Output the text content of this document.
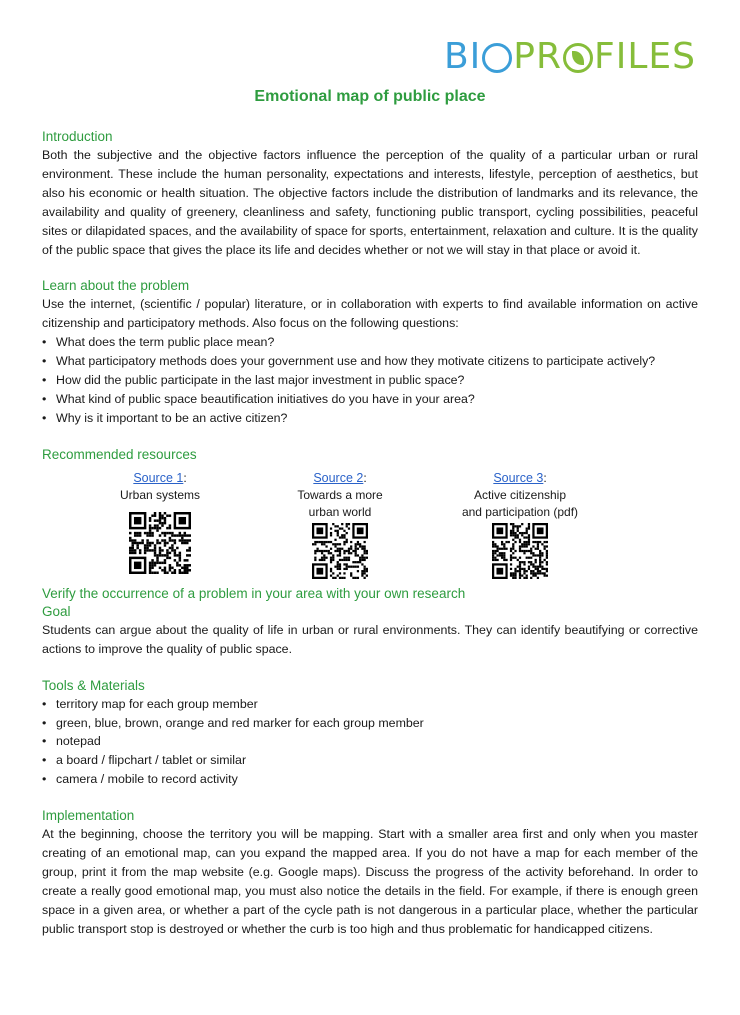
BI PR FILES
Emotional map of public place
Introduction

Both the subjective and the objective factors influence the perception of the quality of a particular urban or rural environment. These include the human personality, expectations and interests, lifestyle, perception of aesthetics, but also his economic or health situation. The objective factors include the distribution of landmarks and its relevance, the availability and quality of greenery, cleanliness and safety, functioning public transport, cycling possibilities, peaceful sites or dilapidated spaces, and the availability of space for sports, entertainment, relaxation and culture. It is the quality of the public space that gives the place its life and decides whether or not we will stay in that place or avoid it.

Learn about the problem

Use the internet, (scientific / popular) literature, or in collaboration with experts to find available information on active citizenship and participatory methods. Also focus on the following questions:

• What does the term public place mean?
• What participatory methods does your government use and how they motivate citizens to participate actively?
• How did the public participate in the last major investment in public space?
• What kind of public space beautification initiatives do you have in your area?
• Why is it important to be an active citizen?
Recommended resources
Source 1:
Urban systems
Source 2:
Towards a more
urban world
Source 3:
Active citizenship
and participation (pdf)
Verify the occurrence of a problem in your area with your own research
Goal

Students can argue about the quality of life in urban or rural environments. They can identify beautifying or corrective actions to improve the quality of public space.

Tools & Materials
• territory map for each group member
• green, blue, brown, orange and red marker for each group member
• notepad
• a board / flipchart / tablet or similar
• camera / mobile to record activity
Implementation

At the beginning, choose the territory you will be mapping. Start with a smaller area first and only when you master creating of an emotional map, can you expand the mapped area. If you do not have a map for each member of the group, print it from the map website (e.g. Google maps). Discuss the progress of the activity beforehand. In order to create a really good emotional map, you must also notice the details in the field. For example, if there is enough green space in a given area, or whether a part of the cycle path is not dangerous in a particular place, whether the particular public transport stop is destroyed or whether the curb is too high and thus problematic for handicapped citizens.
